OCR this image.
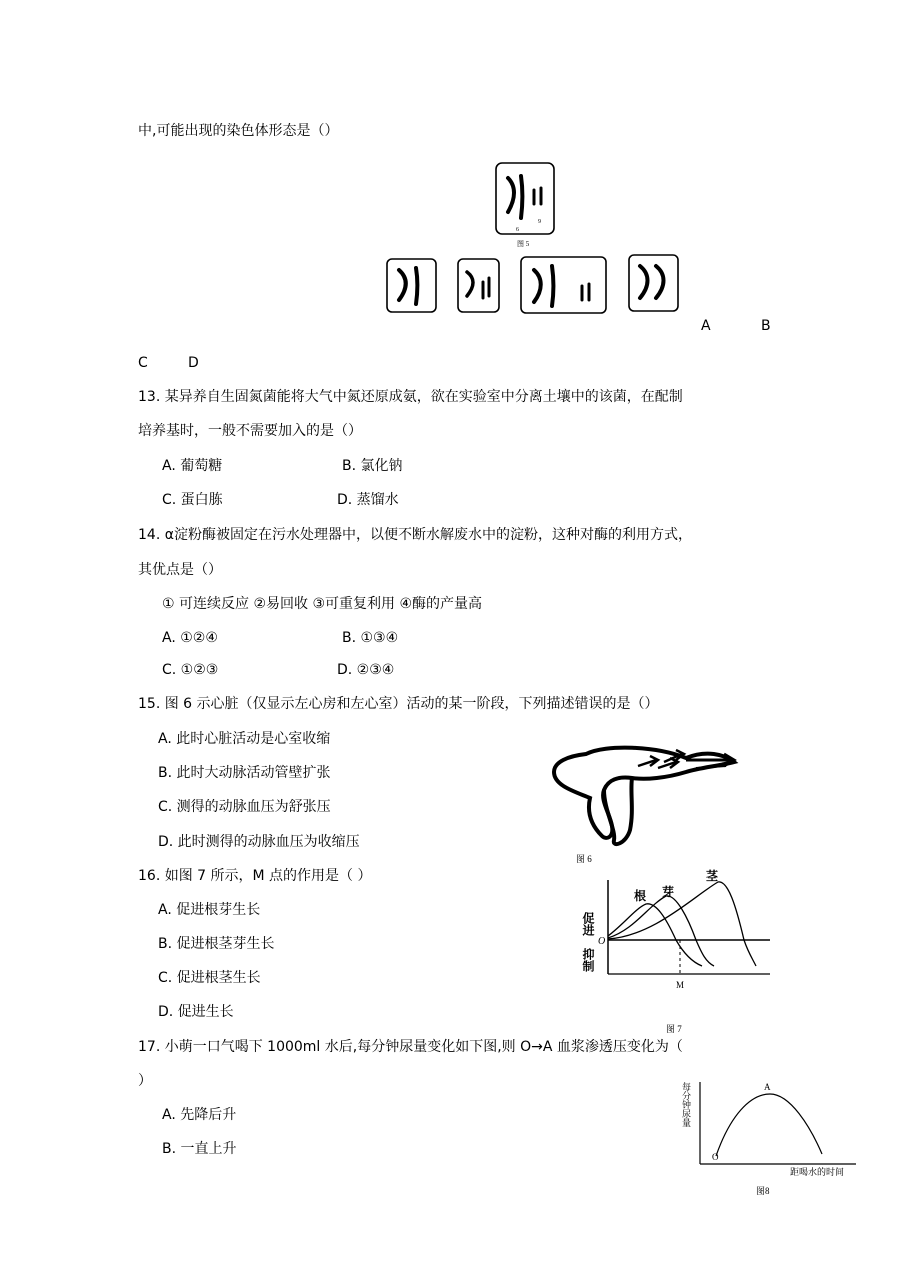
中,可能出现的染色体形态是（）
6
9
图 5
A	B
C	D
13. 某异养自生固氮菌能将大气中氮还原成氨，欲在实验室中分离土壤中的该菌，在配制
培养基时，一般不需要加入的是（）
A. 葡萄糖	B. 氯化钠
C. 蛋白胨	D. 蒸馏水
14. α淀粉酶被固定在污水处理器中，以便不断水解废水中的淀粉，这种对酶的利用方式，
其优点是（）
① 可连续反应 ②易回收 ③可重复利用 ④酶的产量高
A. ①②④	B. ①③④
C. ①②③	D. ②③④
15. 图 6 示心脏（仅显示左心房和左心室）活动的某一阶段，下列描述错误的是（）
A. 此时心脏活动是心室收缩
B. 此时大动脉活动管壁扩张
C. 测得的动脉血压为舒张压
D. 此时测得的动脉血压为收缩压
图 6
16. 如图 7 所示，M 点的作用是（ ）
A. 促进根芽生长
B. 促进根茎芽生长
C. 促进根茎生长
D. 促进生长
根 芽
茎
促进
抑制
O
M
图 7
17. 小萌一口气喝下 1000ml 水后,每分钟尿量变化如下图,则 O→A 血浆渗透压变化为（
）
A. 先降后升
B. 一直上升
每分钟尿量
O
A
距喝水的时间
图8
